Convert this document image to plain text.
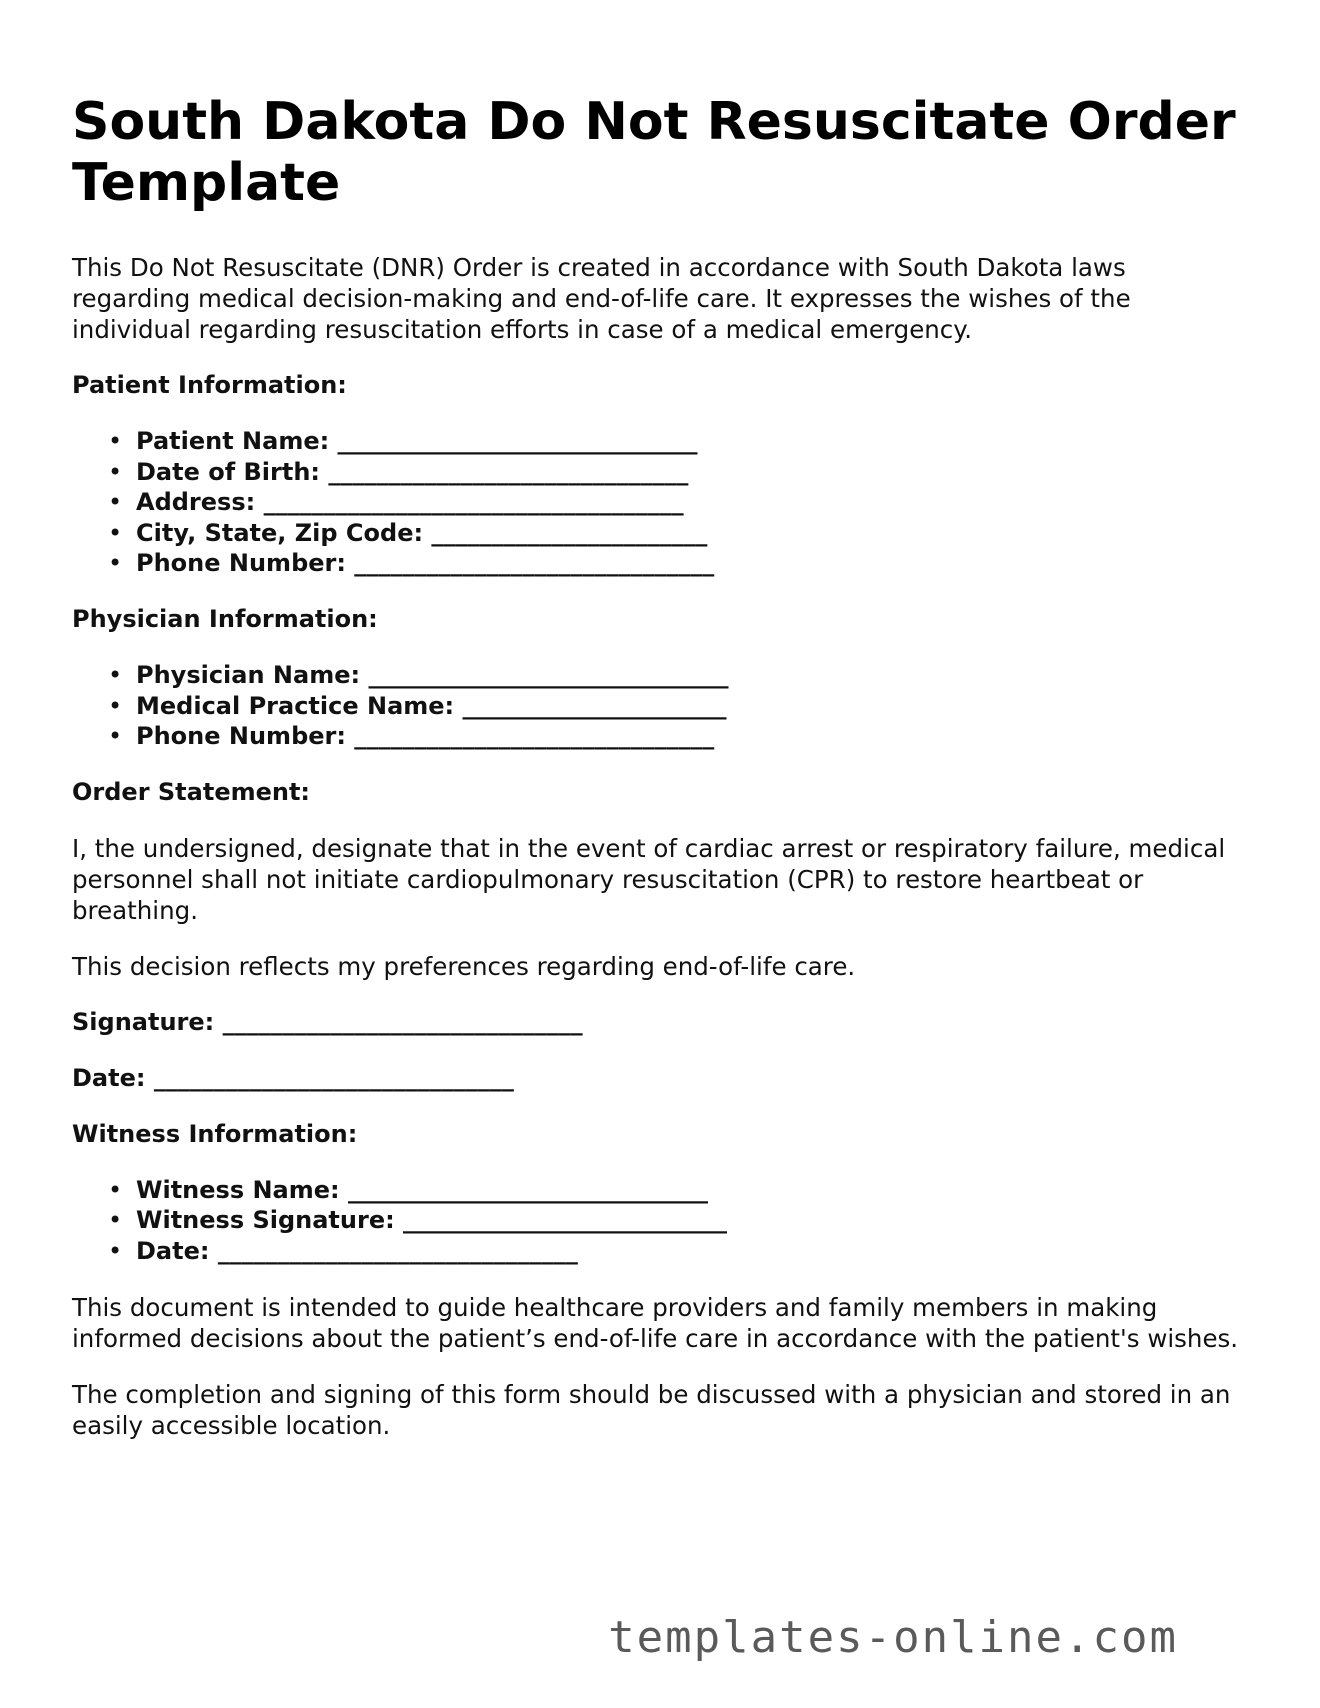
South Dakota Do Not Resuscitate Order Template

This Do Not Resuscitate (DNR) Order is created in accordance with South Dakota laws regarding medical decision-making and end-of-life care. It expresses the wishes of the individual regarding resuscitation efforts in case of a medical emergency.

Patient Information:
• Patient Name: ______________________________
• Date of Birth: ______________________________
• Address: ___________________________________
• City, State, Zip Code: _______________________
• Phone Number: ______________________________
Physician Information:
• Physician Name: ______________________________
• Medical Practice Name: ______________________
• Phone Number: ______________________________
Order Statement:

I, the undersigned, designate that in the event of cardiac arrest or respiratory failure, medical personnel shall not initiate cardiopulmonary resuscitation (CPR) to restore heartbeat or breathing.

This decision reflects my preferences regarding end-of-life care.

Signature: ______________________________
Date: ______________________________
Witness Information:
• Witness Name: ______________________________
• Witness Signature: ___________________________
• Date: ______________________________

This document is intended to guide healthcare providers and family members in making informed decisions about the patient’s end-of-life care in accordance with the patient's wishes.

The completion and signing of this form should be discussed with a physician and stored in an easily accessible location.

templates-online.com
